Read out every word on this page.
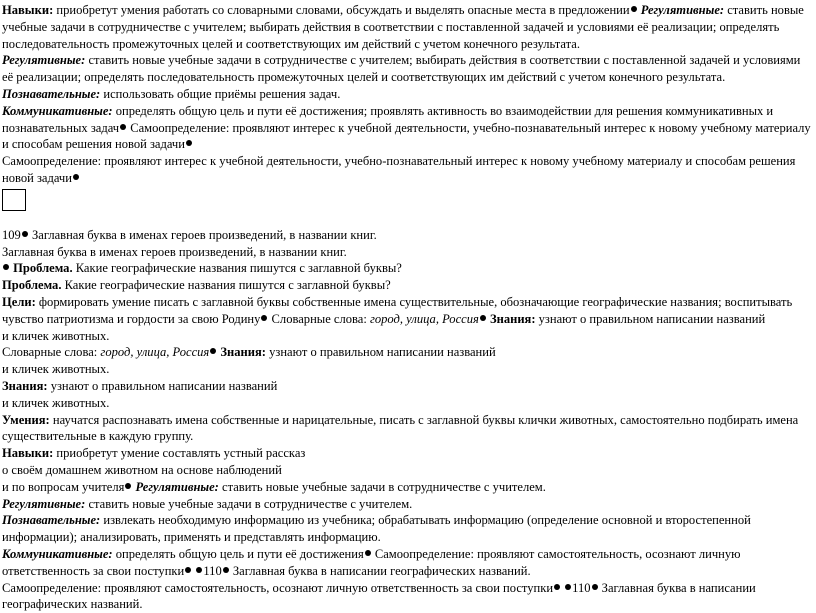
Навыки: приобретут умения работать со словарными словами, обсуждать и выделять опасные места в предложении Регулятивные: ставить новые учебные задачи в сотрудничестве с учителем; выбирать действия в соответствии с поставленной задачей и условиями её реализации; определять последовательность промежуточных целей и соответствующих им действий с учетом конечного результата.
Регулятивные: ставить новые учебные задачи в сотрудничестве с учителем; выбирать действия в соответствии с поставленной задачей и условиями её реализации; определять последовательность промежуточных целей и соответствующих им действий с учетом конечного результата.
Познавательные: использовать общие приёмы решения задач.
Коммуникативные: определять общую цель и пути её достижения; проявлять активность во взаимодействии для решения коммуникативных и познавательных задач Самоопределение: проявляют интерес к учебной деятельности, учебно-познавательный интерес к новому учебному материалу и способам решения новой задачи
Самоопределение: проявляют интерес к учебной деятельности, учебно-познавательный интерес к новому учебному материалу и способам решения новой задачи
109 Заглавная буква в именах героев произведений, в названии книг.
Заглавная буква в именах героев произведений, в названии книг.
Проблема. Какие географические названия пишутся с заглавной буквы?
Проблема. Какие географические названия пишутся с заглавной буквы?
Цели: формировать умение писать с заглавной буквы собственные имена существительные, обозначающие географические названия; воспитывать чувство патриотизма и гордости за свою Родину Словарные слова: город, улица, Россия Знания: узнают о правильном написании названий
и кличек животных.
Словарные слова: город, улица, Россия Знания: узнают о правильном написании названий
и кличек животных.
Знания: узнают о правильном написании названий
и кличек животных.
Умения: научатся распознавать имена собственные и нарицательные, писать с заглавной буквы клички животных, самостоятельно подбирать имена существительные в каждую группу.
Навыки: приобретут умение составлять устный рассказ
о своём домашнем животном на основе наблюдений
и по вопросам учителя Регулятивные: ставить новые учебные задачи в сотрудничестве с учителем.
Регулятивные: ставить новые учебные задачи в сотрудничестве с учителем.
Познавательные: извлекать необходимую информацию из учебника; обрабатывать информацию (определение основной и второстепенной информации); анализировать, применять и представлять информацию.
Коммуникативные: определять общую цель и пути её достижения Самоопределение: проявляют самостоятельность, осознают личную ответственность за свои поступки 110 Заглавная буква в написании географических названий.
Самоопределение: проявляют самостоятельность, осознают личную ответственность за свои поступки 110 Заглавная буква в написании географических названий.
